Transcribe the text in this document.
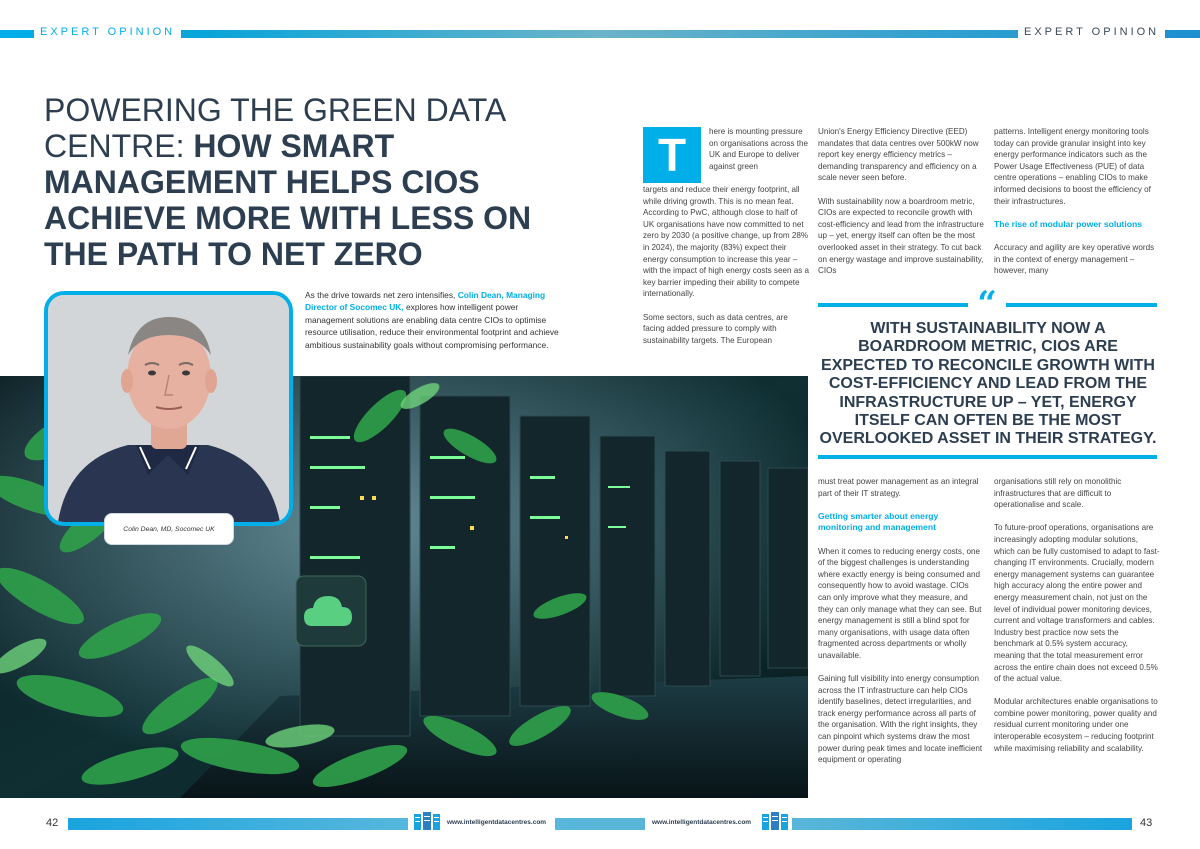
EXPERT OPINION	EXPERT OPINION
POWERING THE GREEN DATA CENTRE: HOW SMART MANAGEMENT HELPS CIOS ACHIEVE MORE WITH LESS ON THE PATH TO NET ZERO
As the drive towards net zero intensifies, Colin Dean, Managing Director of Socomec UK, explores how intelligent power management solutions are enabling data centre CIOs to optimise resource utilisation, reduce their environmental footprint and achieve ambitious sustainability goals without compromising performance.
Colin Dean, MD, Socomec UK
T	here is mounting pressure on organisations across the UK and Europe to deliver against green

targets and reduce their energy footprint, all while driving growth. This is no mean feat. According to PwC, although close to half of UK organisations have now committed to net zero by 2030 (a positive change, up from 28% in 2024), the majority (83%) expect their energy consumption to increase this year – with the impact of high energy costs seen as a key barrier impeding their ability to compete internationally.

Some sectors, such as data centres, are facing added pressure to comply with sustainability targets. The European

Union's Energy Efficiency Directive (EED) mandates that data centres over 500kW now report key energy efficiency metrics – demanding transparency and efficiency on a scale never seen before.

With sustainability now a boardroom metric, CIOs are expected to reconcile growth with cost-efficiency and lead from the infrastructure up – yet, energy itself can often be the most overlooked asset in their strategy. To cut back on energy wastage and improve sustainability, CIOs

patterns. Intelligent energy monitoring tools today can provide granular insight into key energy performance indicators such as the Power Usage Effectiveness (PUE) of data centre operations – enabling CIOs to make informed decisions to boost the efficiency of their infrastructures.

The rise of modular power solutions

Accuracy and agility are key operative words in the context of energy management – however, many

“
WITH SUSTAINABILITY NOW A BOARDROOM METRIC, CIOS ARE EXPECTED TO RECONCILE GROWTH WITH COST-EFFICIENCY AND LEAD FROM THE INFRASTRUCTURE UP – YET, ENERGY ITSELF CAN OFTEN BE THE MOST OVERLOOKED ASSET IN THEIR STRATEGY.

must treat power management as an integral part of their IT strategy.

Getting smarter about energy monitoring and management

When it comes to reducing energy costs, one of the biggest challenges is understanding where exactly energy is being consumed and consequently how to avoid wastage. CIOs can only improve what they measure, and they can only manage what they can see. But energy management is still a blind spot for many organisations, with usage data often fragmented across departments or wholly unavailable.

Gaining full visibility into energy consumption across the IT infrastructure can help CIOs identify baselines, detect irregularities, and track energy performance across all parts of the organisation. With the right insights, they can pinpoint which systems draw the most power during peak times and locate inefficient equipment or operating

organisations still rely on monolithic infrastructures that are difficult to operationalise and scale.

To future-proof operations, organisations are increasingly adopting modular solutions, which can be fully customised to adapt to fast-changing IT environments. Crucially, modern energy management systems can guarantee high accuracy along the entire power and energy measurement chain, not just on the level of individual power monitoring devices, current and voltage transformers and cables. Industry best practice now sets the benchmark at 0.5% system accuracy, meaning that the total measurement error across the entire chain does not exceed 0.5% of the actual value.

Modular architectures enable organisations to combine power monitoring, power quality and residual current monitoring under one interoperable ecosystem – reducing footprint while maximising reliability and scalability.

42	43
www.intelligentdatacentres.com	www.intelligentdatacentres.com
